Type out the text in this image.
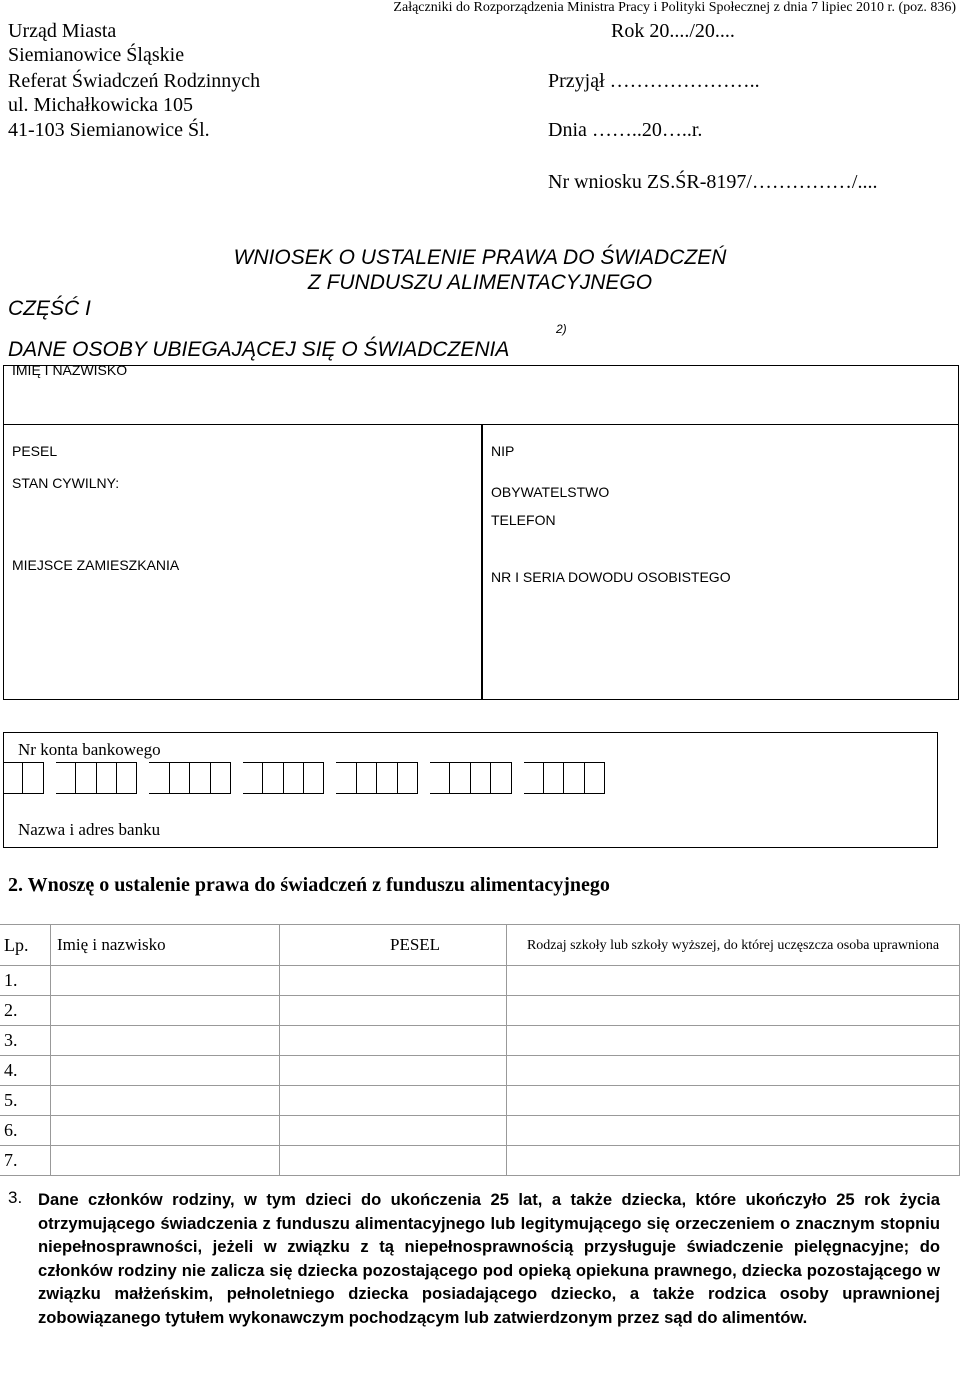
Załączniki do Rozporządzenia Ministra Pracy i Polityki Społecznej z dnia 7 lipiec 2010 r. (poz. 836)
Urząd Miasta
Siemianowice Śląskie
Referat Świadczeń Rodzinnych
ul. Michałkowicka 105
41-103 Siemianowice Śl.
Rok 20..../20....
Przyjął …………………..
Dnia ……..20…..r.
Nr wniosku ZS.ŚR-8197/……………/....
WNIOSEK O USTALENIE PRAWA DO ŚWIADCZEŃ
Z FUNDUSZU ALIMENTACYJNEGO
CZĘŚĆ I
DANE OSOBY UBIEGAJĄCEJ SIĘ O ŚWIADCZENIA
2)
IMIĘ I NAZWISKO
PESEL	NIP
STAN CYWILNY:
OBYWATELSTWO
TELEFON
MIEJSCE ZAMIESZKANIA
NR I SERIA DOWODU OSOBISTEGO
Nr konta bankowego
Nazwa i adres banku
2. Wnoszę o ustalenie prawa do świadczeń z funduszu alimentacyjnego
Lp.	Imię i nazwisko	PESEL	Rodzaj szkoły lub szkoły wyższej, do której uczęszcza osoba uprawniona
1.			
2.			
3.			
4.			
5.			
6.			
7.			
3. Dane członków rodziny, w tym dzieci do ukończenia 25 lat, a także dziecka, które ukończyło 25 rok życia otrzymującego świadczenia z funduszu alimentacyjnego lub legitymującego się orzeczeniem o znacznym stopniu niepełnosprawności, jeżeli w związku z tą niepełnosprawnością przysługuje świadczenie pielęgnacyjne; do członków rodziny nie zalicza się dziecka pozostającego pod opieką opiekuna prawnego, dziecka pozostającego w związku małżeńskim, pełnoletniego dziecka posiadającego dziecko, a także rodzica osoby uprawnionej zobowiązanego tytułem wykonawczym pochodzącym lub zatwierdzonym przez sąd do alimentów.
